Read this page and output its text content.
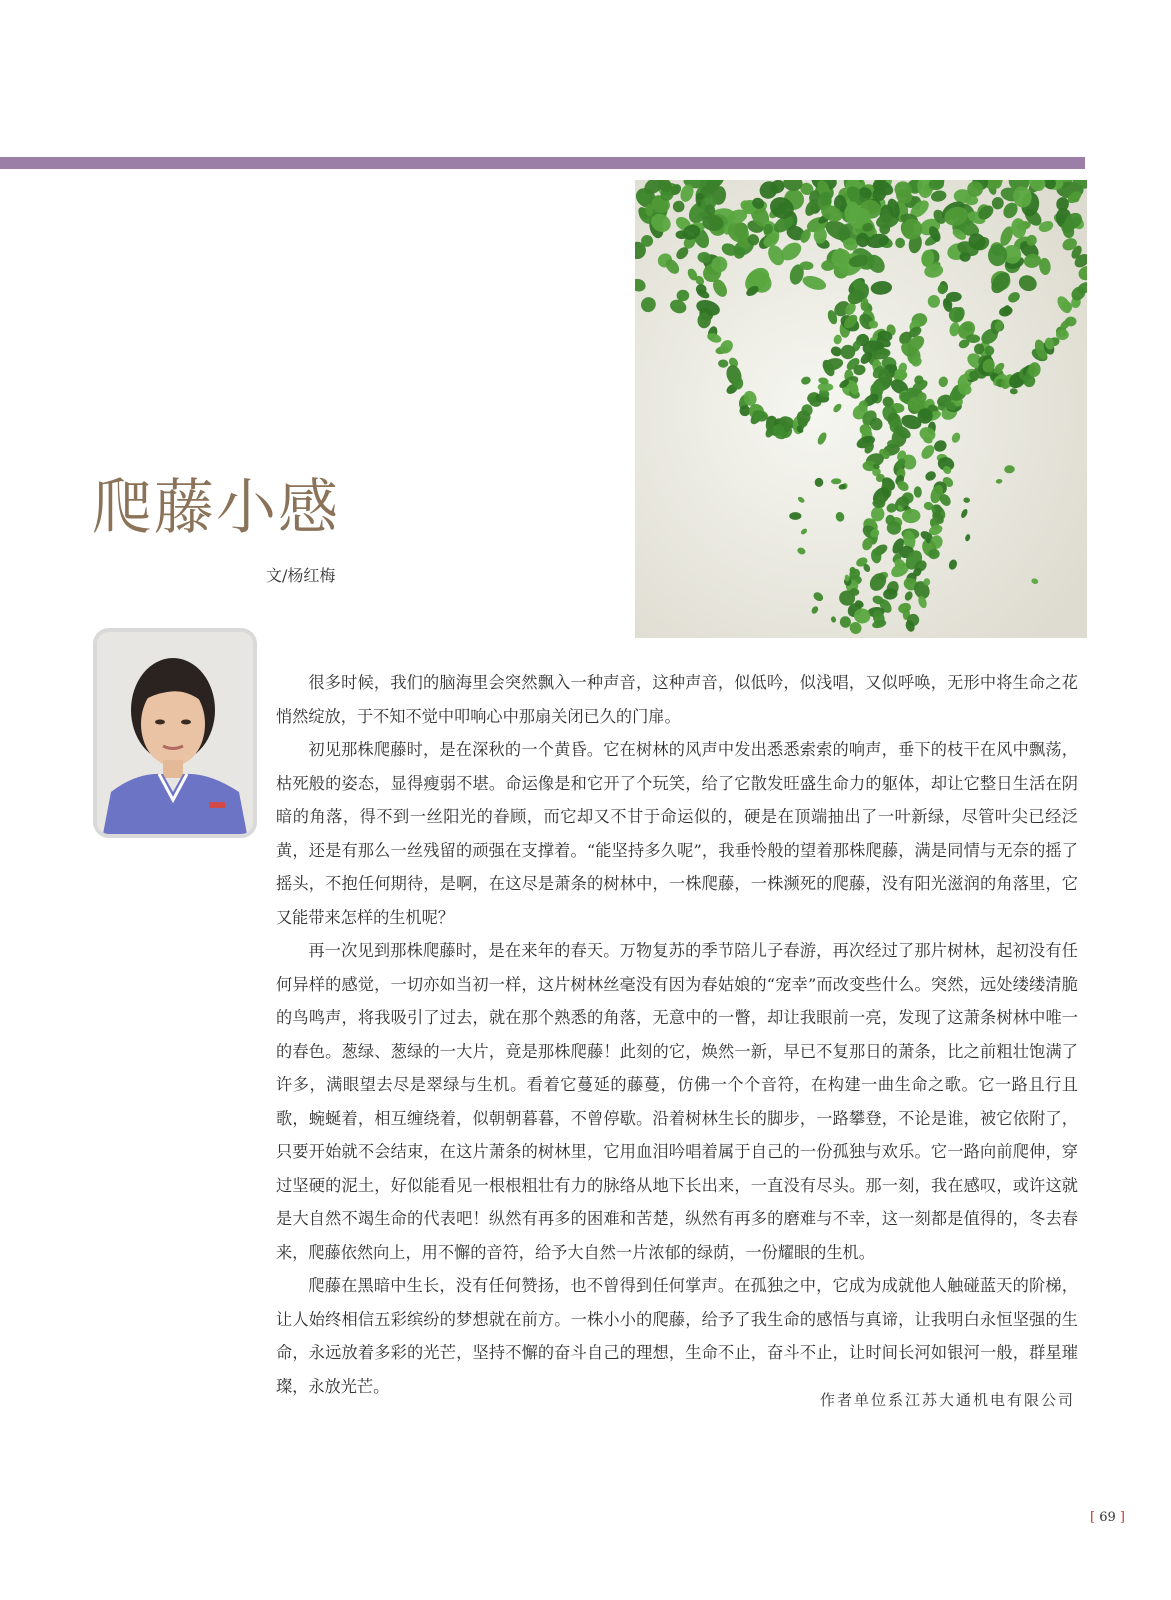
爬藤小感
文/杨红梅

很多时候，我们的脑海里会突然飘入一种声音，这种声音，似低吟，似浅唱，又似呼唤，无形中将生命之花悄然绽放，于不知不觉中叩响心中那扇关闭已久的门扉。

初见那株爬藤时，是在深秋的一个黄昏。它在树林的风声中发出悉悉索索的响声，垂下的枝干在风中飘荡，枯死般的姿态，显得瘦弱不堪。命运像是和它开了个玩笑，给了它散发旺盛生命力的躯体，却让它整日生活在阴暗的角落，得不到一丝阳光的眷顾，而它却又不甘于命运似的，硬是在顶端抽出了一叶新绿，尽管叶尖已经泛黄，还是有那么一丝残留的顽强在支撑着。“能坚持多久呢”，我垂怜般的望着那株爬藤，满是同情与无奈的摇了摇头，不抱任何期待，是啊，在这尽是萧条的树林中，一株爬藤，一株濒死的爬藤，没有阳光滋润的角落里，它又能带来怎样的生机呢？

再一次见到那株爬藤时，是在来年的春天。万物复苏的季节陪儿子春游，再次经过了那片树林，起初没有任何异样的感觉，一切亦如当初一样，这片树林丝毫没有因为春姑娘的“宠幸”而改变些什么。突然，远处缕缕清脆的鸟鸣声，将我吸引了过去，就在那个熟悉的角落，无意中的一瞥，却让我眼前一亮，发现了这萧条树林中唯一的春色。葱绿、葱绿的一大片，竟是那株爬藤！此刻的它，焕然一新，早已不复那日的萧条，比之前粗壮饱满了许多，满眼望去尽是翠绿与生机。看着它蔓延的藤蔓，仿佛一个个音符，在构建一曲生命之歌。它一路且行且歌，蜿蜒着，相互缠绕着，似朝朝暮暮，不曾停歇。沿着树林生长的脚步，一路攀登，不论是谁，被它依附了，只要开始就不会结束，在这片萧条的树林里，它用血泪吟唱着属于自己的一份孤独与欢乐。它一路向前爬伸，穿过坚硬的泥土，好似能看见一根根粗壮有力的脉络从地下长出来，一直没有尽头。那一刻，我在感叹，或许这就是大自然不竭生命的代表吧！纵然有再多的困难和苦楚，纵然有再多的磨难与不幸，这一刻都是值得的，冬去春来，爬藤依然向上，用不懈的音符，给予大自然一片浓郁的绿荫，一份耀眼的生机。

爬藤在黑暗中生长，没有任何赞扬，也不曾得到任何掌声。在孤独之中，它成为成就他人触碰蓝天的阶梯，让人始终相信五彩缤纷的梦想就在前方。一株小小的爬藤，给予了我生命的感悟与真谛，让我明白永恒坚强的生命，永远放着多彩的光芒，坚持不懈的奋斗自己的理想，生命不止，奋斗不止，让时间长河如银河一般，群星璀璨，永放光芒。

作者单位系江苏大通机电有限公司
[ 69 ]
